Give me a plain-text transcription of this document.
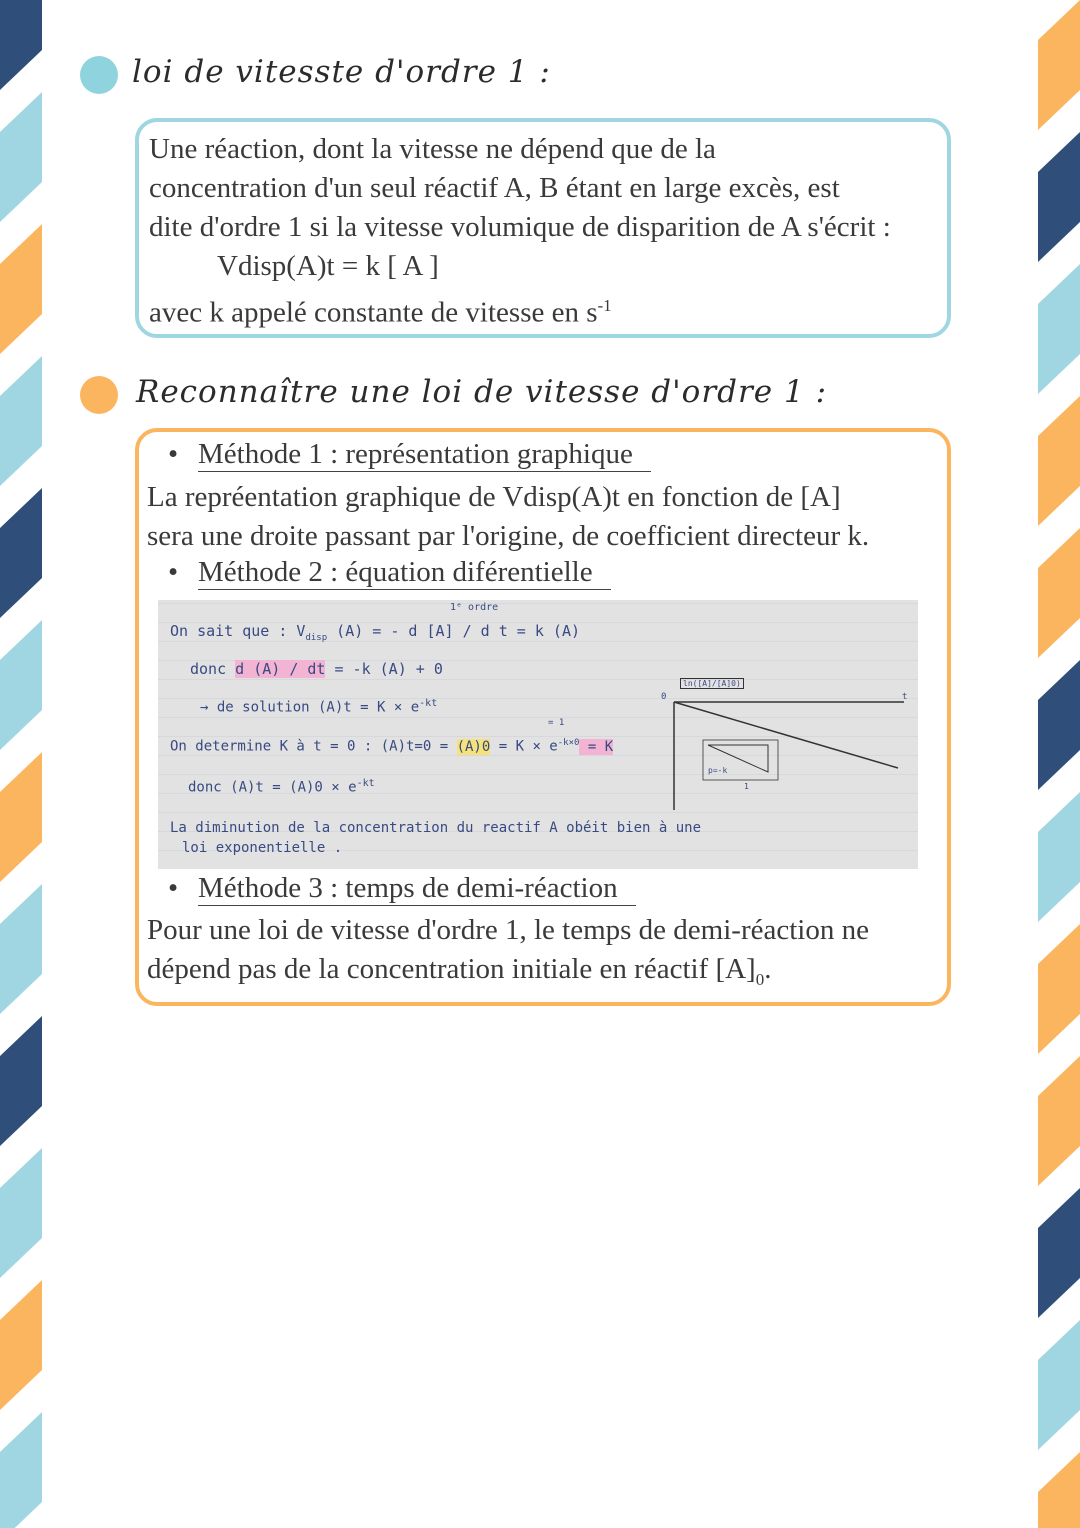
loi de vitesste d'ordre 1 :
Une réaction, dont la vitesse ne dépend que de la
concentration d'un seul réactif A, B étant en large excès, est
dite d'ordre 1 si la vitesse volumique de disparition de A s'écrit :
Vdisp(A)t = k [ A ]
avec k appelé constante de vitesse en $s^{-1}$
Reconnaître une loi de vitesse d'ordre 1 :
• Méthode 1 : représentation graphique
La repréentation graphique de Vdisp(A)t en fonction de [A]
sera une droite passant par l'origine, de coefficient directeur k.
• Méthode 2 : équation diférentielle
1ᵉ ordre
On sait que : $V_{disp}$ (A) = - d [A] / d t = k (A)
donc d (A) / dt = -k (A) + 0
→ de solution $(A)t = K \times e^{-kt}$
= 1
On determine K à t = 0 : $(A)t=0 = (A)0 = K \times e^{-k\times 0} = K$
donc $(A)t = (A)0 \times e^{-kt}$
La diminution de la concentration du reactif A obéit bien à une
loi exponentielle .
ln([A]/[A]0)
0	t
p=-k
1
• Méthode 3 : temps de demi-réaction
Pour une loi de vitesse d'ordre 1, le temps de demi-réaction ne
dépend pas de la concentration initiale en réactif $[A]_0$.
